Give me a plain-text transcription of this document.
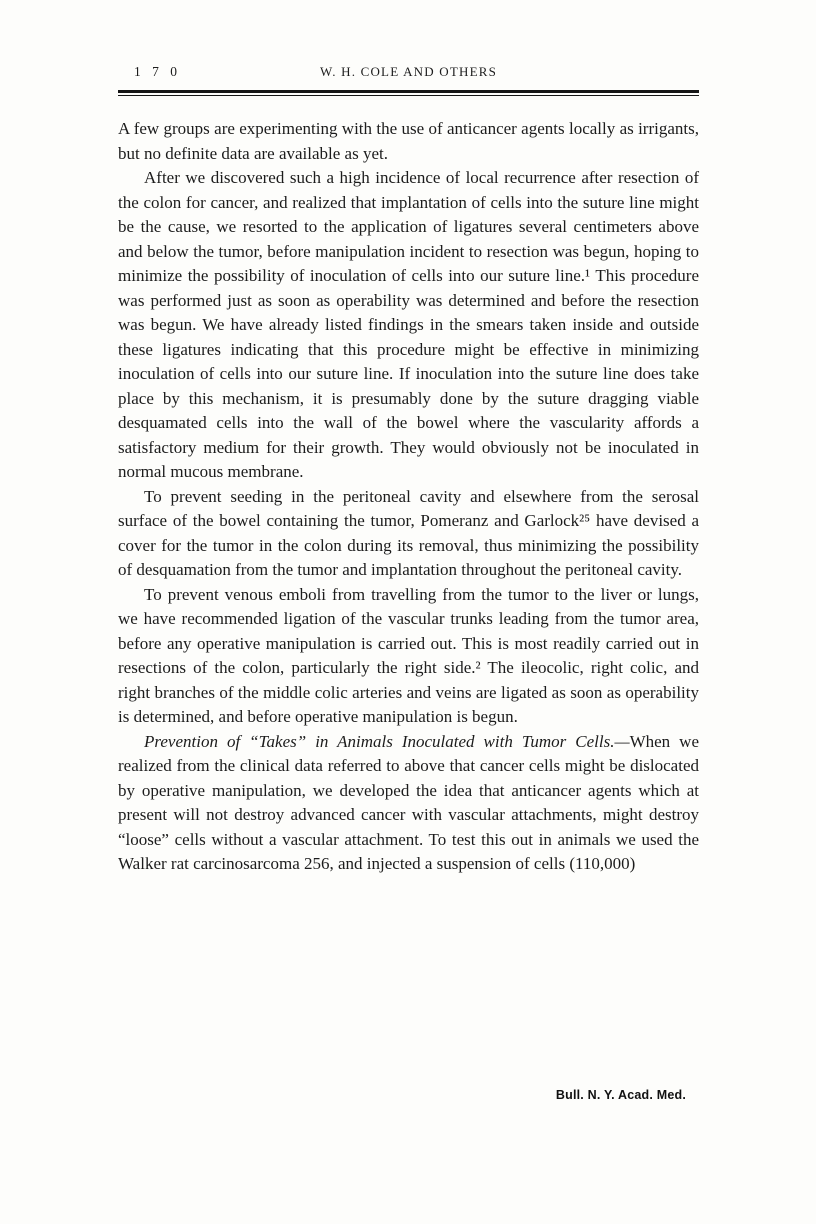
1 7 0	W. H. COLE AND OTHERS

A few groups are experimenting with the use of anticancer agents locally as irrigants, but no definite data are available as yet.

After we discovered such a high incidence of local recurrence after resection of the colon for cancer, and realized that implantation of cells into the suture line might be the cause, we resorted to the application of ligatures several centimeters above and below the tumor, before manipulation incident to resection was begun, hoping to minimize the possibility of inoculation of cells into our suture line.¹ This procedure was performed just as soon as operability was determined and before the resection was begun. We have already listed findings in the smears taken inside and outside these ligatures indicating that this procedure might be effective in minimizing inoculation of cells into our suture line. If inoculation into the suture line does take place by this mechanism, it is presumably done by the suture dragging viable desquamated cells into the wall of the bowel where the vascularity affords a satisfactory medium for their growth. They would obviously not be inoculated in normal mucous membrane.

To prevent seeding in the peritoneal cavity and elsewhere from the serosal surface of the bowel containing the tumor, Pomeranz and Garlock²⁵ have devised a cover for the tumor in the colon during its removal, thus minimizing the possibility of desquamation from the tumor and implantation throughout the peritoneal cavity.

To prevent venous emboli from travelling from the tumor to the liver or lungs, we have recommended ligation of the vascular trunks leading from the tumor area, before any operative manipulation is carried out. This is most readily carried out in resections of the colon, particularly the right side.² The ileocolic, right colic, and right branches of the middle colic arteries and veins are ligated as soon as operability is determined, and before operative manipulation is begun.

Prevention of “Takes” in Animals Inoculated with Tumor Cells.—When we realized from the clinical data referred to above that cancer cells might be dislocated by operative manipulation, we developed the idea that anticancer agents which at present will not destroy advanced cancer with vascular attachments, might destroy “loose” cells without a vascular attachment. To test this out in animals we used the Walker rat carcinosarcoma 256, and injected a suspension of cells (110,000)

Bull. N. Y. Acad. Med.
